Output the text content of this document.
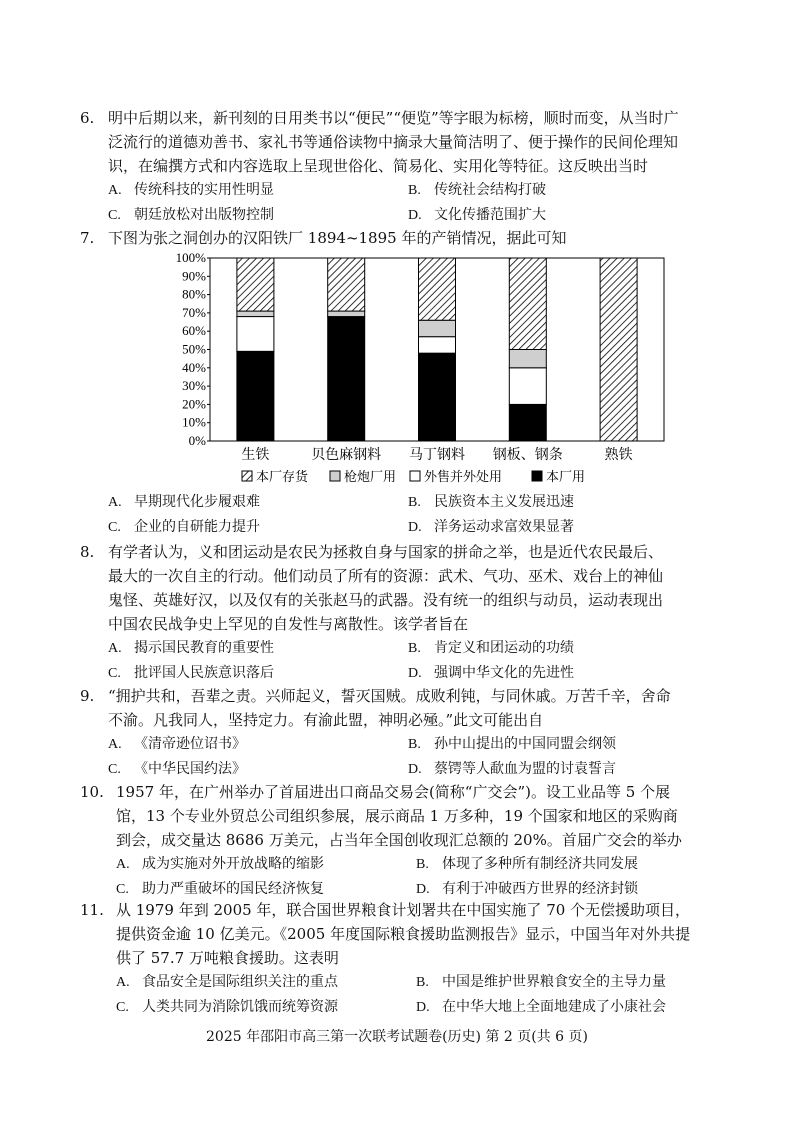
6. 明中后期以来，新刊刻的日用类书以“便民”“便览”等字眼为标榜，顺时而变，从当时广
泛流行的道德劝善书、家礼书等通俗读物中摘录大量简洁明了、便于操作的民间伦理知
识，在编撰方式和内容选取上呈现世俗化、简易化、实用化等特征。这反映出当时
A. 传统科技的实用性明显	B. 传统社会结构打破
C. 朝廷放松对出版物控制	D. 文化传播范围扩大
7. 下图为张之洞创办的汉阳铁厂 1894~1895 年的产销情况，据此可知
0%
10%
20%
30%
40%
50%
60%
70%
80%
90%
100%
生铁	贝色麻钢料 马丁钢料 钢板、钢条	熟铁
本厂存货	枪炮厂用 外售并外处用	本厂用
A. 早期现代化步履艰难	B. 民族资本主义发展迅速
C. 企业的自研能力提升	D. 洋务运动求富效果显著
8. 有学者认为，义和团运动是农民为拯救自身与国家的拼命之举，也是近代农民最后、
最大的一次自主的行动。他们动员了所有的资源：武术、气功、巫术、戏台上的神仙
鬼怪、英雄好汉，以及仅有的关张赵马的武器。没有统一的组织与动员，运动表现出
中国农民战争史上罕见的自发性与离散性。该学者旨在
A. 揭示国民教育的重要性	B. 肯定义和团运动的功绩
C. 批评国人民族意识落后	D. 强调中华文化的先进性
9. “拥护共和，吾辈之责。兴师起义，誓灭国贼。成败利钝，与同休戚。万苦千辛，舍命
不渝。凡我同人，坚持定力。有渝此盟，神明必殛。”此文可能出自
A. 《清帝逊位诏书》	B. 孙中山提出的中国同盟会纲领
C. 《中华民国约法》	D. 蔡锷等人歃血为盟的讨袁誓言
10. 1957 年，在广州举办了首届进出口商品交易会(简称“广交会”)。设工业品等 5 个展
馆，13 个专业外贸总公司组织参展，展示商品 1 万多种，19 个国家和地区的采购商
到会，成交量达 8686 万美元，占当年全国创收现汇总额的 20%。首届广交会的举办
A. 成为实施对外开放战略的缩影	B. 体现了多种所有制经济共同发展
C. 助力严重破坏的国民经济恢复	D. 有利于冲破西方世界的经济封锁
11. 从 1979 年到 2005 年，联合国世界粮食计划署共在中国实施了 70 个无偿援助项目，
提供资金逾 10 亿美元。《2005 年度国际粮食援助监测报告》显示，中国当年对外共提
供了 57.7 万吨粮食援助。这表明
A. 食品安全是国际组织关注的重点	B. 中国是维护世界粮食安全的主导力量
C. 人类共同为消除饥饿而统筹资源	D. 在中华大地上全面地建成了小康社会
2025 年邵阳市高三第一次联考试题卷(历史) 第 2 页(共 6 页)
